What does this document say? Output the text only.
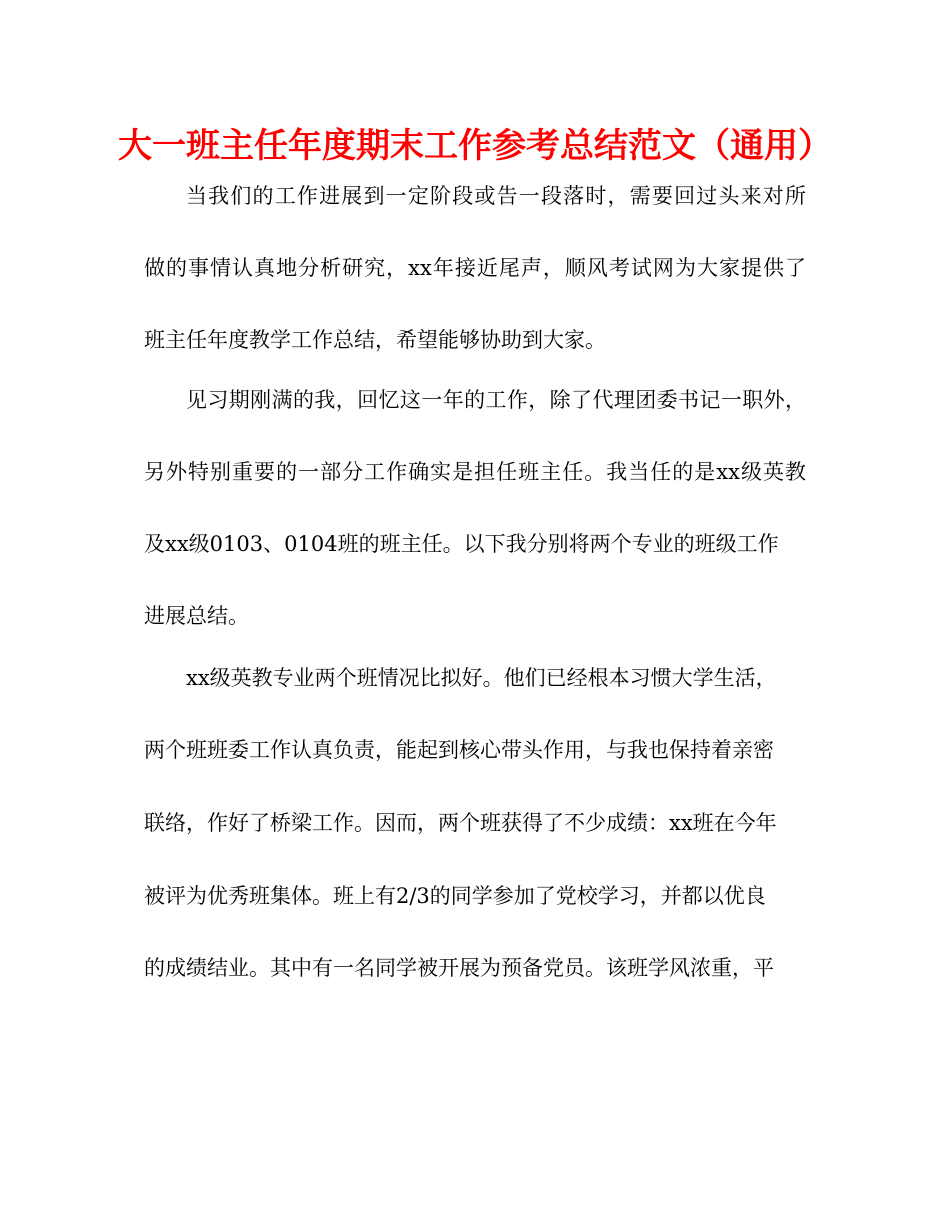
大一班主任年度期末工作参考总结范文（通用）
当我们的工作进展到一定阶段或告一段落时，需要回过头来对所
做的事情认真地分析研究，xx年接近尾声，顺风考试网为大家提供了
班主任年度教学工作总结，希望能够协助到大家。
见习期刚满的我，回忆这一年的工作，除了代理团委书记一职外，
另外特别重要的一部分工作确实是担任班主任。我当任的是xx级英教
及xx级0103、0104班的班主任。以下我分别将两个专业的班级工作
进展总结。
xx级英教专业两个班情况比拟好。他们已经根本习惯大学生活，
两个班班委工作认真负责，能起到核心带头作用，与我也保持着亲密
联络，作好了桥梁工作。因而，两个班获得了不少成绩：xx班在今年
被评为优秀班集体。班上有2/3的同学参加了党校学习，并都以优良
的成绩结业。其中有一名同学被开展为预备党员。该班学风浓重，平
